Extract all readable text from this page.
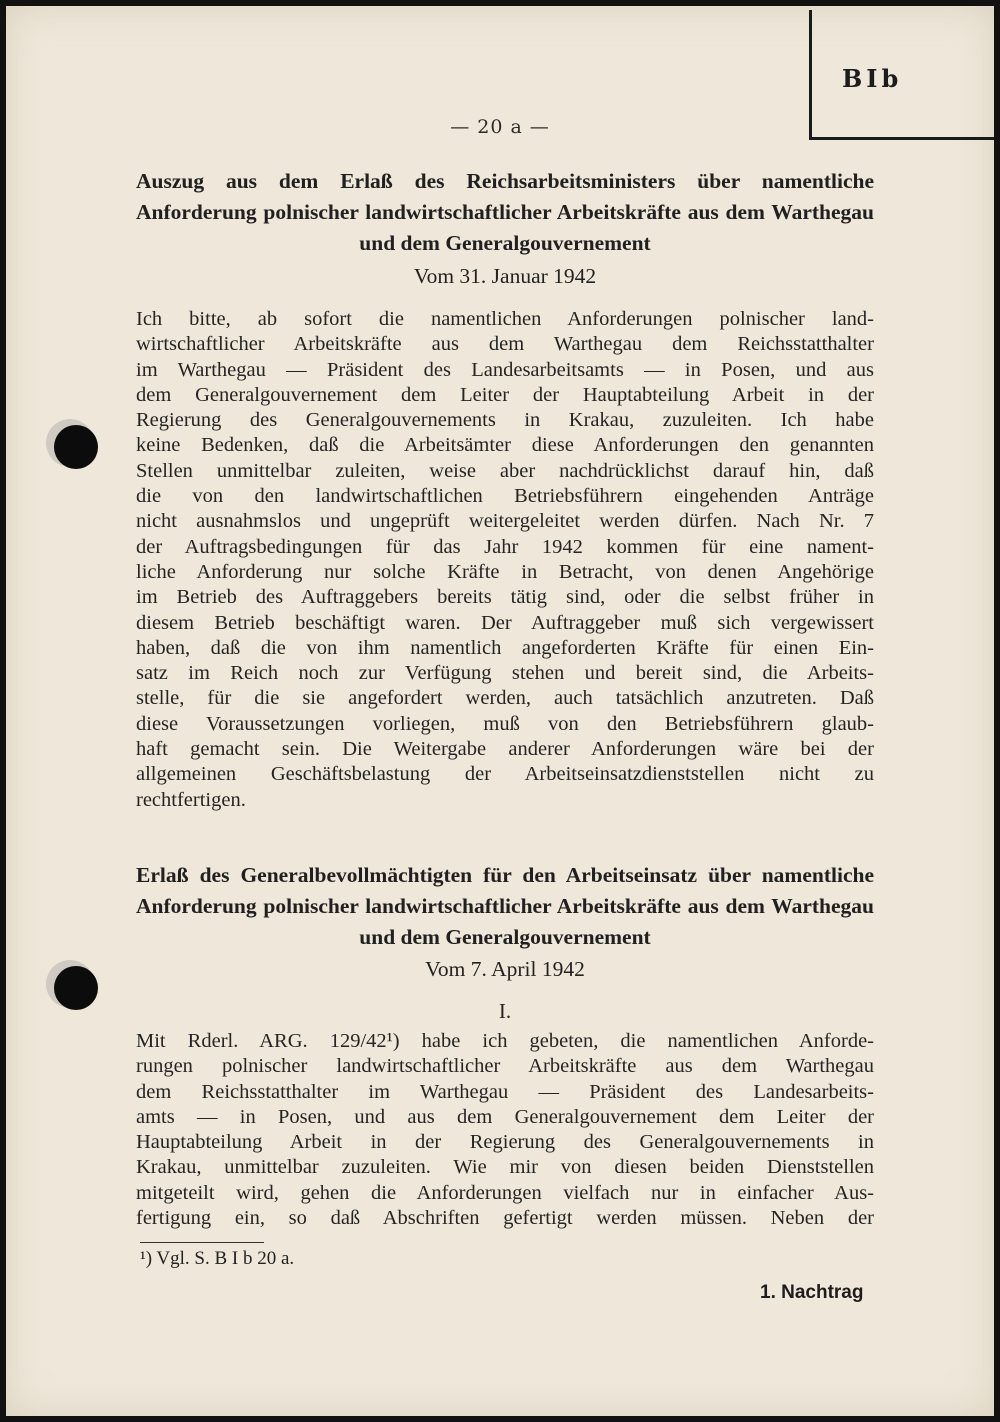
BIb
— 20 a —
Auszug aus dem Erlaß des Reichsarbeitsministers über namentliche Anforderung polnischer landwirtschaftlicher Arbeitskräfte aus dem Warthegau und dem Generalgouvernement
Vom 31. Januar 1942
Ich bitte, ab sofort die namentlichen Anforderungen polnischer land-
wirtschaftlicher Arbeitskräfte aus dem Warthegau dem Reichsstatthalter
im Warthegau — Präsident des Landesarbeitsamts — in Posen, und aus
dem Generalgouvernement dem Leiter der Hauptabteilung Arbeit in der
Regierung des Generalgouvernements in Krakau, zuzuleiten. Ich habe
keine Bedenken, daß die Arbeitsämter diese Anforderungen den genannten
Stellen unmittelbar zuleiten, weise aber nachdrücklichst darauf hin, daß
die von den landwirtschaftlichen Betriebsführern eingehenden Anträge
nicht ausnahmslos und ungeprüft weitergeleitet werden dürfen. Nach Nr. 7
der Auftragsbedingungen für das Jahr 1942 kommen für eine nament-
liche Anforderung nur solche Kräfte in Betracht, von denen Angehörige
im Betrieb des Auftraggebers bereits tätig sind, oder die selbst früher in
diesem Betrieb beschäftigt waren. Der Auftraggeber muß sich vergewissert
haben, daß die von ihm namentlich angeforderten Kräfte für einen Ein-
satz im Reich noch zur Verfügung stehen und bereit sind, die Arbeits-
stelle, für die sie angefordert werden, auch tatsächlich anzutreten. Daß
diese Voraussetzungen vorliegen, muß von den Betriebsführern glaub-
haft gemacht sein. Die Weitergabe anderer Anforderungen wäre bei der
allgemeinen Geschäftsbelastung der Arbeitseinsatzdienststellen nicht zu
rechtfertigen.
Erlaß des Generalbevollmächtigten für den Arbeitseinsatz über namentliche Anforderung polnischer landwirtschaftlicher Arbeitskräfte aus dem Warthegau und dem Generalgouvernement
Vom 7. April 1942
I.
Mit Rderl. ARG. 129/42¹) habe ich gebeten, die namentlichen Anforde-
rungen polnischer landwirtschaftlicher Arbeitskräfte aus dem Warthegau
dem Reichsstatthalter im Warthegau — Präsident des Landesarbeits-
amts — in Posen, und aus dem Generalgouvernement dem Leiter der
Hauptabteilung Arbeit in der Regierung des Generalgouvernements in
Krakau, unmittelbar zuzuleiten. Wie mir von diesen beiden Dienststellen
mitgeteilt wird, gehen die Anforderungen vielfach nur in einfacher Aus-
fertigung ein, so daß Abschriften gefertigt werden müssen. Neben der
¹) Vgl. S. B I b 20 a.
1. Nachtrag
